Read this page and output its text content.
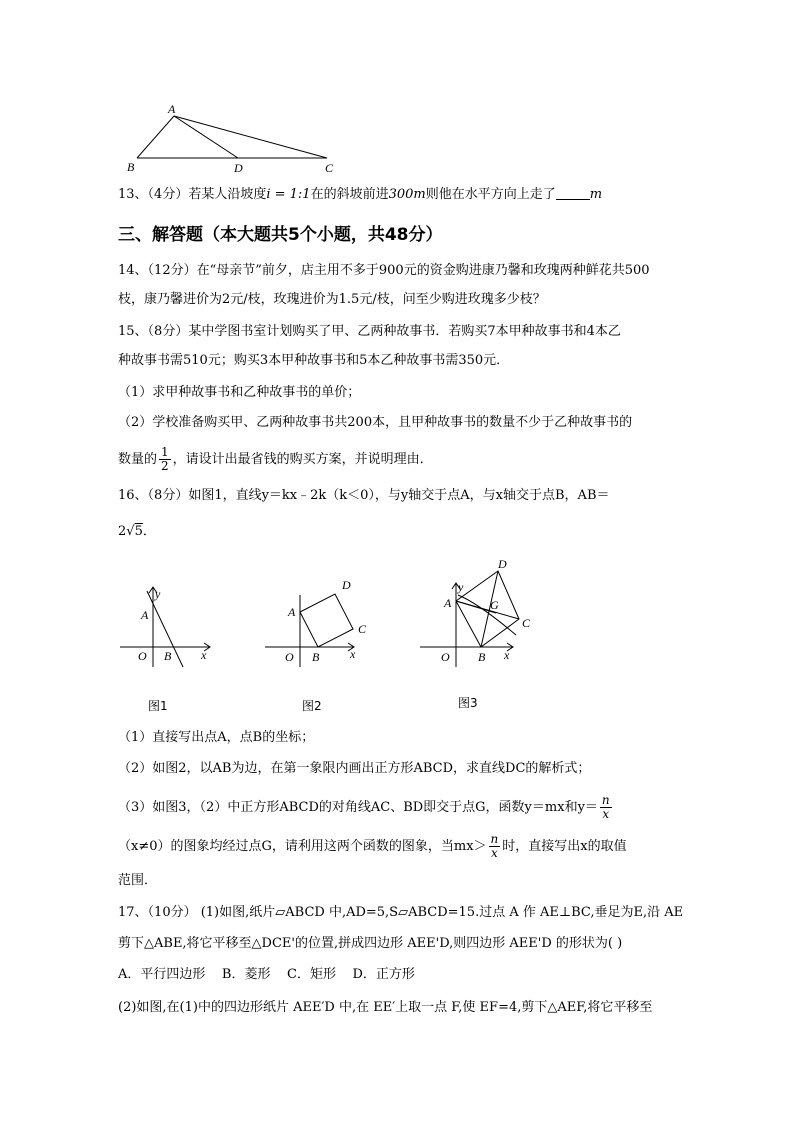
A
B	D	C
13、（4分）若某人沿坡度i = 1:1在的斜坡前进300m则他在水平方向上走了	m
三、解答题（本大题共5个小题，共48分）
14、（12分）在“母亲节”前夕，店主用不多于900元的资金购进康乃馨和玫瑰两种鲜花共500
枝，康乃馨进价为2元/枝，玫瑰进价为1.5元/枝，问至少购进玫瑰多少枝？
15、（8分）某中学图书室计划购买了甲、乙两种故事书．若购买7本甲种故事书和4本乙
种故事书需510元；购买3本甲种故事书和5本乙种故事书需350元．
（1）求甲种故事书和乙种故事书的单价；
（2）学校准备购买甲、乙两种故事书共200本，且甲种故事书的数量不少于乙种故事书的
数量的 $\frac{1}{2}$ ，请设计出最省钱的购买方案，并说明理由．
16、（8分）如图1，直线y＝kx﹣2k（k＜0），与y轴交于点A，与x轴交于点B，AB＝
2√5．
y
A
O B x
图1
A
O B
C
D
x
图2
A
y
G
C
D
O B x
图3
（1）直接写出点A，点B的坐标；
（2）如图2，以AB为边，在第一象限内画出正方形ABCD，求直线DC的解析式；
（3）如图3，（2）中正方形ABCD的对角线AC、BD即交于点G，函数y＝mx和$y= \frac{n}{x}$
（x≠0）的图象均经过点G，请利用这两个函数的图象，当$mx> \frac{n}{x}$ 时，直接写出x的取值
范围．
17、（10分） (1)如图,纸片▱ABCD 中,AD=5,S▱ABCD=15.过点 A 作 AE⊥BC,垂足为E,沿 AE
剪下△ABE,将它平移至△DCE'的位置,拼成四边形 AEE'D,则四边形 AEE'D 的形状为( )
A．平行四边形 B．菱形 C．矩形 D．正方形
(2)如图,在(1)中的四边形纸片 AEE′D 中,在 EE′上取一点 F,使 EF=4,剪下△AEF,将它平移至
